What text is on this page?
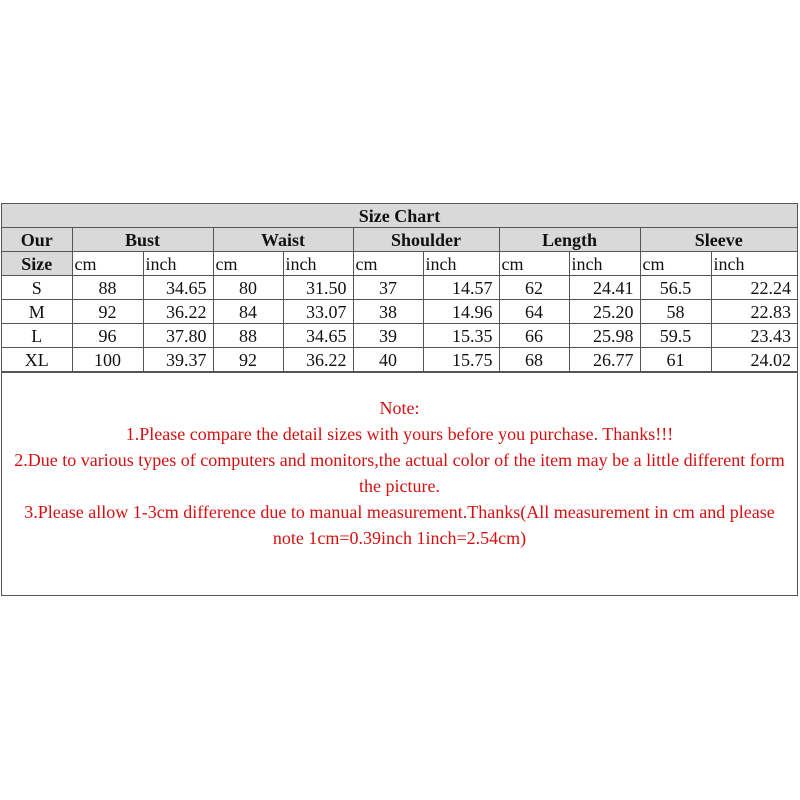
Size Chart										
Our	Bust		Waist		Shoulder		Length		Sleeve	
Size	cm	inch	cm	inch	cm	inch	cm	inch	cm	inch
S	88	34.65	80	31.50	37	14.57	62	24.41	56.5	22.24
M	92	36.22	84	33.07	38	14.96	64	25.20	58	22.83
L	96	37.80	88	34.65	39	15.35	66	25.98	59.5	23.43
XL	100	39.37	92	36.22	40	15.75	68	26.77	61	24.02

Note:

1.Please compare the detail sizes with yours before you purchase. Thanks!!!

2.Due to various types of computers and monitors,the actual color of the item may be a little different form the picture.

3.Please allow 1-3cm difference due to manual measurement.Thanks(All measurement in cm and please note 1cm=0.39inch 1inch=2.54cm)
